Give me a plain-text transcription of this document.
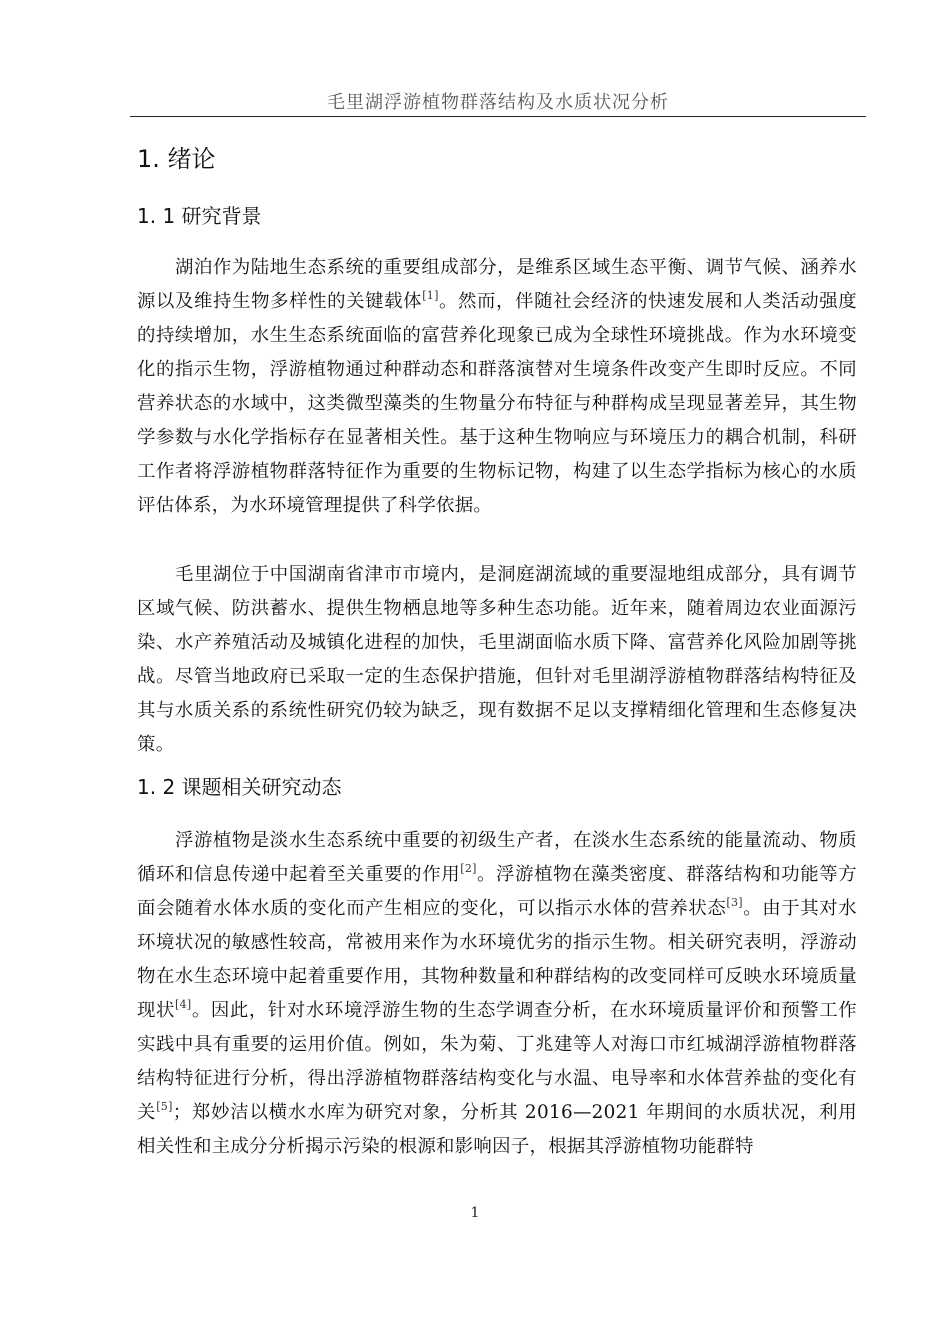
毛里湖浮游植物群落结构及水质状况分析
1. 绪论
1. 1 研究背景

湖泊作为陆地生态系统的重要组成部分，是维系区域生态平衡、调节气候、涵养水源以及维持生物多样性的关键载体[1]。然而，伴随社会经济的快速发展和人类活动强度的持续增加，水生生态系统面临的富营养化现象已成为全球性环境挑战。作为水环境变化的指示生物，浮游植物通过种群动态和群落演替对生境条件改变产生即时反应。不同营养状态的水域中，这类微型藻类的生物量分布特征与种群构成呈现显著差异，其生物学参数与水化学指标存在显著相关性。基于这种生物响应与环境压力的耦合机制，科研工作者将浮游植物群落特征作为重要的生物标记物，构建了以生态学指标为核心的水质评估体系，为水环境管理提供了科学依据。

毛里湖位于中国湖南省津市市境内，是洞庭湖流域的重要湿地组成部分，具有调节区域气候、防洪蓄水、提供生物栖息地等多种生态功能。近年来，随着周边农业面源污染、水产养殖活动及城镇化进程的加快，毛里湖面临水质下降、富营养化风险加剧等挑战。尽管当地政府已采取一定的生态保护措施，但针对毛里湖浮游植物群落结构特征及其与水质关系的系统性研究仍较为缺乏，现有数据不足以支撑精细化管理和生态修复决策。

1. 2 课题相关研究动态

浮游植物是淡水生态系统中重要的初级生产者，在淡水生态系统的能量流动、物质循环和信息传递中起着至关重要的作用[2]。浮游植物在藻类密度、群落结构和功能等方面会随着水体水质的变化而产生相应的变化，可以指示水体的营养状态[3]。由于其对水环境状况的敏感性较高，常被用来作为水环境优劣的指示生物。相关研究表明，浮游动物在水生态环境中起着重要作用，其物种数量和种群结构的改变同样可反映水环境质量现状[4]。因此，针对水环境浮游生物的生态学调查分析，在水环境质量评价和预警工作实践中具有重要的运用价值。例如，朱为菊、丁兆建等人对海口市红城湖浮游植物群落结构特征进行分析，得出浮游植物群落结构变化与水温、电导率和水体营养盐的变化有关[5]；郑妙洁以横水水库为研究对象，分析其 2016—2021 年期间的水质状况，利用相关性和主成分分析揭示污染的根源和影响因子，根据其浮游植物功能群特

1
